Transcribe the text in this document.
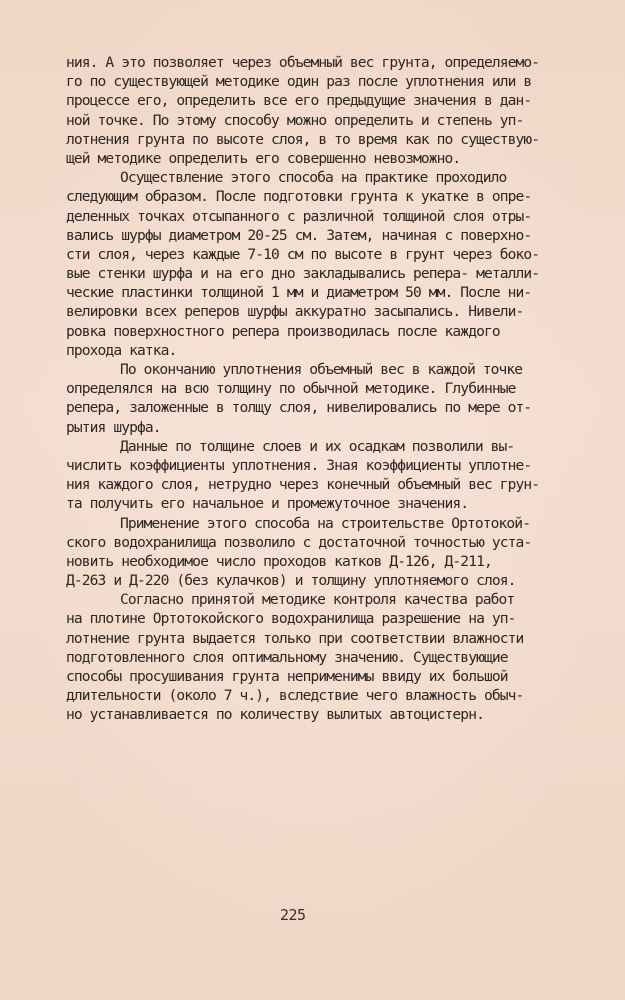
ния. А это позволяет через объемный вес грунта, определяемо-
го по существующей методике один раз после уплотнения или в
процессе его, определить все его предыдущие значения в дан-
ной точке. По этому способу можно определить и степень уп-
лотнения грунта по высоте слоя, в то время как по существую-
щей методике определить его совершенно невозможно.
Осуществление этого способа на практике проходило
следующим образом. После подготовки грунта к укатке в опре-
деленных точках отсыпанного с различной толщиной слоя отры-
вались шурфы диаметром 20-25 см. Затем, начиная с поверхно-
сти слоя, через каждые 7-10 см по высоте в грунт через боко-
вые стенки шурфа и на его дно закладывались репера- металли-
ческие пластинки толщиной 1 мм и диаметром 50 мм. После ни-
велировки всех реперов шурфы аккуратно засыпались. Нивели-
ровка поверхностного репера производилась после каждого
прохода катка.
По окончанию уплотнения объемный вес в каждой точке
определялся на всю толщину по обычной методике. Глубинные
репера, заложенные в толщу слоя, нивелировались по мере от-
рытия шурфа.
Данные по толщине слоев и их осадкам позволили вы-
числить коэффициенты уплотнения. Зная коэффициенты уплотне-
ния каждого слоя, нетрудно через конечный объемный вес грун-
та получить его начальное и промежуточное значения.
Применение этого способа на строительстве Ортотокой-
ского водохранилища позволило с достаточной точностью уста-
новить необходимое число проходов катков Д-126, Д-211,
Д-263 и Д-220 (без кулачков) и толщину уплотняемого слоя.
Согласно принятой методике контроля качества работ
на плотине Ортотокойского водохранилища разрешение на уп-
лотнение грунта выдается только при соответствии влажности
подготовленного слоя оптимальному значению. Существующие
способы просушивания грунта неприменимы ввиду их большой
длительности (около 7 ч.), вследствие чего влажность обыч-
но устанавливается по количеству вылитых автоцистерн.
225
